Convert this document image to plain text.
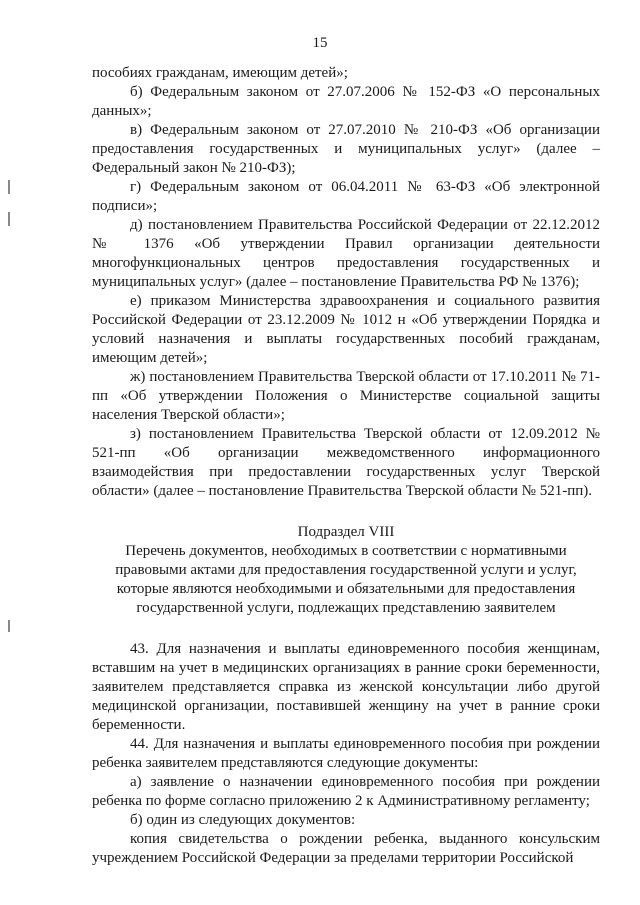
15

пособиях гражданам, имеющим детей»;

б) Федеральным законом от 27.07.2006 № 152-ФЗ «О персональных данных»;

в) Федеральным законом от 27.07.2010 № 210-ФЗ «Об организации предоставления государственных и муниципальных услуг» (далее – Федеральный закон № 210-ФЗ);

г) Федеральным законом от 06.04.2011 № 63-ФЗ «Об электронной подписи»;

д) постановлением Правительства Российской Федерации от 22.12.2012 № 1376 «Об утверждении Правил организации деятельности многофункциональных центров предоставления государственных и муниципальных услуг» (далее – постановление Правительства РФ № 1376);

е) приказом Министерства здравоохранения и социального развития Российской Федерации от 23.12.2009 № 1012 н «Об утверждении Порядка и условий назначения и выплаты государственных пособий гражданам, имеющим детей»;

ж) постановлением Правительства Тверской области от 17.10.2011 № 71-пп «Об утверждении Положения о Министерстве социальной защиты населения Тверской области»;

з) постановлением Правительства Тверской области от 12.09.2012 № 521-пп «Об организации межведомственного информационного взаимодействия при предоставлении государственных услуг Тверской области» (далее – постановление Правительства Тверской области № 521-пп).

Подраздел VIII

Перечень документов, необходимых в соответствии с нормативными

правовыми актами для предоставления государственной услуги и услуг,

которые являются необходимыми и обязательными для предоставления

государственной услуги, подлежащих представлению заявителем

43. Для назначения и выплаты единовременного пособия женщинам, вставшим на учет в медицинских организациях в ранние сроки беременности, заявителем представляется справка из женской консультации либо другой медицинской организации, поставившей женщину на учет в ранние сроки беременности.

44. Для назначения и выплаты единовременного пособия при рождении ребенка заявителем представляются следующие документы:

а) заявление о назначении единовременного пособия при рождении ребенка по форме согласно приложению 2 к Административному регламенту;

б) один из следующих документов:

копия свидетельства о рождении ребенка, выданного консульским учреждением Российской Федерации за пределами территории Российской
